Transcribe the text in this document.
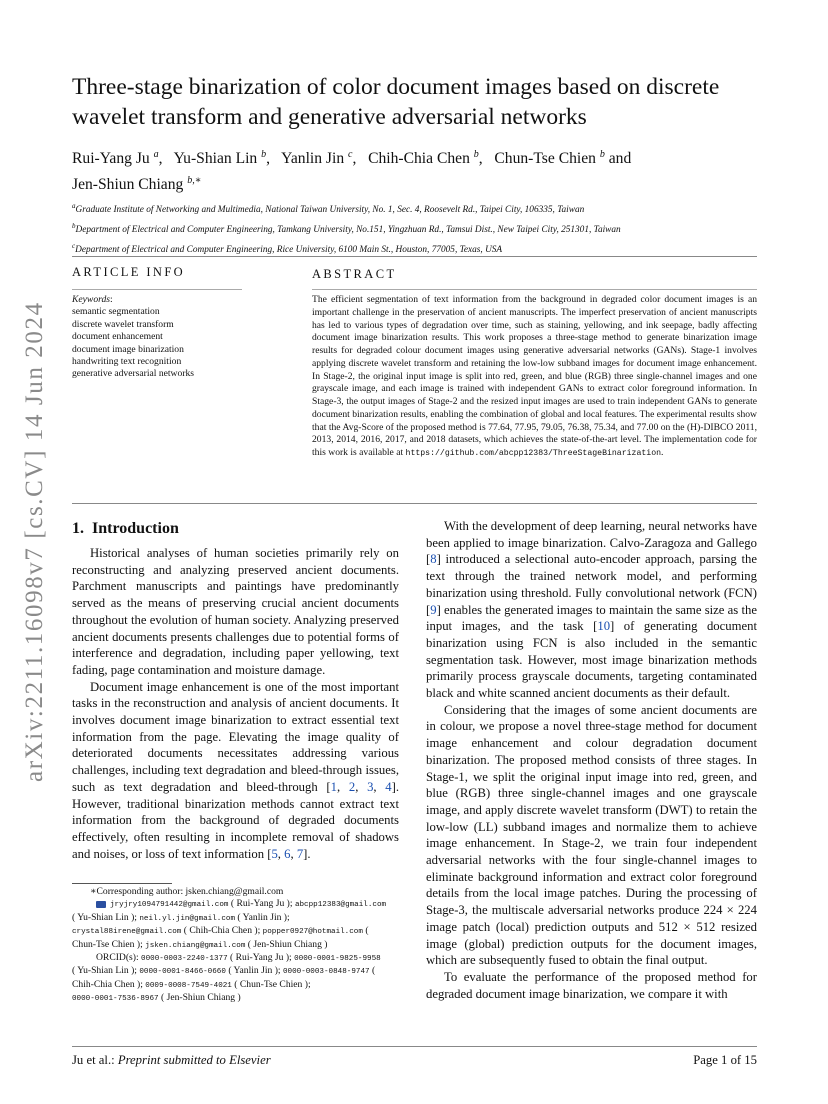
arXiv:2211.16098v7 [cs.CV] 14 Jun 2024
Three-stage binarization of color document images based on discrete wavelet transform and generative adversarial networks
Rui-Yang Ju $^a$,   Yu-Shian Lin $^b$,   Yanlin Jin $^c$,   Chih-Chia Chen $^b$,   Chun-Tse Chien $^b$ and
Jen-Shiun Chiang $^{b,∗}$
$^a$Graduate Institute of Networking and Multimedia, National Taiwan University, No. 1, Sec. 4, Roosevelt Rd., Taipei City, 106335, Taiwan
$^b$Department of Electrical and Computer Engineering, Tamkang University, No.151, Yingzhuan Rd., Tamsui Dist., New Taipei City, 251301, Taiwan
$^c$Department of Electrical and Computer Engineering, Rice University, 6100 Main St., Houston, 77005, Texas, USA
ARTICLE INFO	ABSTRACT
Keywords:
semantic segmentation
discrete wavelet transform
document enhancement
document image binarization
handwriting text recognition
generative adversarial networks
The efficient segmentation of text information from the background in degraded color document images is an important challenge in the preservation of ancient manuscripts. The imperfect preservation of ancient manuscripts has led to various types of degradation over time, such as staining, yellowing, and ink seepage, badly affecting document image binarization results. This work proposes a three-stage method to generate binarization image results for degraded colour document images using generative adversarial networks (GANs). Stage-1 involves applying discrete wavelet transform and retaining the low-low subband images for document image enhancement. In Stage-2, the original input image is split into red, green, and blue (RGB) three single-channel images and one grayscale image, and each image is trained with independent GANs to extract color foreground information. In Stage-3, the output images of Stage-2 and the resized input images are used to train independent GANs to generate document binarization results, enabling the combination of global and local features. The experimental results show that the Avg-Score of the proposed method is 77.64, 77.95, 79.05, 76.38, 75.34, and 77.00 on the (H)-DIBCO 2011, 2013, 2014, 2016, 2017, and 2018 datasets, which achieves the state-of-the-art level. The implementation code for this work is available at https://github.com/abcpp12383/ThreeStageBinarization.
1. Introduction

Historical analyses of human societies primarily rely on reconstructing and analyzing preserved ancient documents. Parchment manuscripts and paintings have predominantly served as the means of preserving crucial ancient documents throughout the evolution of human society. Analyzing preserved ancient documents presents challenges due to potential forms of interference and degradation, including paper yellowing, text fading, page contamination and moisture damage.

Document image enhancement is one of the most important tasks in the reconstruction and analysis of ancient documents. It involves document image binarization to extract essential text information from the page. Elevating the image quality of deteriorated documents necessitates addressing various challenges, including text degradation and bleed-through issues, such as text degradation and bleed-through [1, 2, 3, 4]. However, traditional binarization methods cannot extract text information from the background of degraded documents effectively, often resulting in incomplete removal of shadows and noises, or loss of text information [5, 6, 7].

With the development of deep learning, neural networks have been applied to image binarization. Calvo-Zaragoza and Gallego [8] introduced a selectional auto-encoder approach, parsing the text through the trained network model, and performing binarization using threshold. Fully convolutional network (FCN) [9] enables the generated images to maintain the same size as the input images, and the task [10] of generating document binarization using FCN is also included in the semantic segmentation task. However, most image binarization methods primarily process grayscale documents, targeting contaminated black and white scanned ancient documents as their default.

Considering that the images of some ancient documents are in colour, we propose a novel three-stage method for document image enhancement and colour degradation document binarization. The proposed method consists of three stages. In Stage-1, we split the original input image into red, green, and blue (RGB) three single-channel images and one grayscale image, and apply discrete wavelet transform (DWT) to retain the low-low (LL) subband images and normalize them to achieve image enhancement. In Stage-2, we train four independent adversarial networks with the four single-channel images to eliminate background information and extract color foreground details from the local image patches. During the processing of Stage-3, the multiscale adversarial networks produce 224 × 224 image patch (local) prediction outputs and 512 × 512 resized image (global) prediction outputs for the document images, which are subsequently fused to obtain the final output.

To evaluate the performance of the proposed method for degraded document image binarization, we compare it with

∗Corresponding author: jsken.chiang@gmail.com
jryjry1094791442@gmail.com ( Rui-Yang Ju ); abcpp12383@gmail.com
( Yu-Shian Lin ); neil.yl.jin@gmail.com ( Yanlin Jin );
crystal88irene@gmail.com ( Chih-Chia Chen ); popper0927@hotmail.com (
Chun-Tse Chien ); jsken.chiang@gmail.com ( Jen-Shiun Chiang )
ORCID(s): 0000-0003-2240-1377 ( Rui-Yang Ju ); 0000-0001-9825-9958
( Yu-Shian Lin ); 0000-0001-8466-0660 ( Yanlin Jin ); 0000-0003-0848-9747 (
Chih-Chia Chen ); 0009-0008-7549-4021 ( Chun-Tse Chien );
0000-0001-7536-8967 ( Jen-Shiun Chiang )
Ju et al.: Preprint submitted to Elsevier	Page 1 of 15
